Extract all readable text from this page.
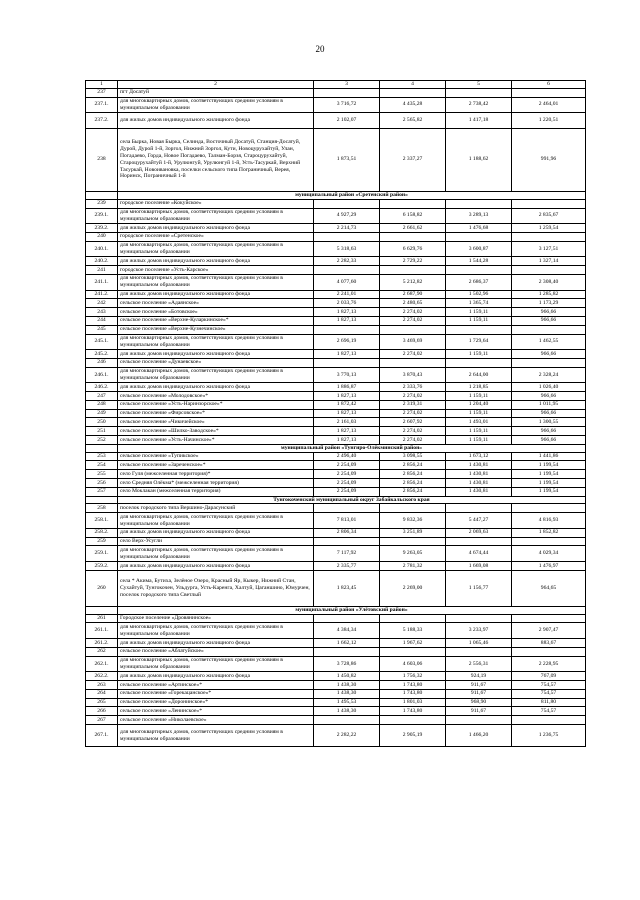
20
1	2	3	4	5	6
237	пгт Досатуй				
237.1.	для многоквартирных домов, соответствующих средним условиям в муниципальном образовании	3 716,72	4 435,28	2 738,42	2 464,01
237.2.	для жилых домов индивидуального жилищного фонда	2 102,07	2 565,82	1 417,18	1 220,51
238	села Бырка, Новая Бырка, Селинда, Восточный Досатуй, Станция-Досатуй, Дурой, Дурой 1-й, Зоргол, Нижний Зоргол, Кути, Новоцурухайтуй, Улан, Погадаево, Горда, Новое Погадаево, Талман-Борзя, Староцурухайтуй, Староцурухайтуй 1-й, Урулюнгуй, Урулюнгуй 1-й, Усть-Тасуркай, Верхний Тасуркай, Новоивановка, поселки сельского типа Пограничный, Верея, Норинск, Пограничный 1-й	1 873,51	2 337,27	1 188,62	991,96
	муниципальный район «Сретенский район»				
239	городское поселение «Кокуйское»				
239.1.	для многоквартирных домов, соответствующих средним условиям в муниципальном образовании	4 927,29	6 158,82	3 289,13	2 835,67
239.2.	для жилых домов индивидуального жилищного фонда	2 214,73	2 661,62	1 476,68	1 259,54
240	городское поселение «Сретенское»				
240.1.	для многоквартирных домов, соответствующих средним условиям в муниципальном образовании	5 318,63	6 629,76	3 600,87	3 127,51
240.2.	для жилых домов индивидуального жилищного фонда	2 282,33	2 729,22	1 544,28	1 327,14
241	городское поселение «Усть-Карское»				
241.1.	для многоквартирных домов, соответствующих средним условиям в муниципальном образовании	4 077,60	5 212,82	2 686,37	2 308,40
241.2.	для жилых домов индивидуального жилищного фонда	2 241,01	2 687,90	1 502,96	1 285,82
242	сельское поселение «Адаянское»	2 033,76	2 480,65	1 365,74	1 173,29
243	сельское поселение «Ботовское»	1 827,13	2 274,02	1 159,11	966,66
244	сельское поселение «Верхне-Куларкинское»*	1 827,13	2 274,02	1 159,11	966,66
245	сельское поселение «Верхне-Кузнечинское»				
245.1.	для многоквартирных домов, соответствующих средним условиям в муниципальном образовании	2 696,19	3 469,69	1 729,64	1 462,55
245.2.	для жилых домов индивидуального жилищного фонда	1 827,13	2 274,02	1 159,11	966,66
246	сельское поселение «Дунаевское»				
246.1.	для многоквартирных домов, соответствующих средним условиям в муниципальном образовании	3 770,13	3 870,43	2 644,00	2 328,24
246.2.	для жилых домов индивидуального жилищного фонда	1 886,87	2 333,76	1 218,85	1 026,40
247	сельское поселение «Молодовское»*	1 827,13	2 274,02	1 159,11	966,66
248	сельское поселение «Усть-Наринзорское»*	1 872,42	2 319,31	1 204,40	1 011,95
249	сельское поселение «Фирсовское»*	1 827,13	2 274,02	1 159,11	966,66
250	сельское поселение «Чикичейское»	2 161,03	2 607,92	1 493,01	1 300,55
251	сельское поселение «Шилко-Заводское»*	1 827,13	2 274,02	1 159,11	966,66
252	сельское поселение «Усть-Начинское»*	1 827,13	2 274,02	1 159,11	966,66
	муниципальный район «Тунгиро-Олёкминский район»				
253	сельское поселение «Тупикское»	2 496,40	3 098,55	1 673,12	1 441,86
254	сельское поселение «Зареченское»*	2 254,09	2 856,24	1 430,81	1 199,54
255	село Гуля (межселенная территория)*	2 254,09	2 856,24	1 430,81	1 199,54
256	село Средняя Олёкма* (межселенная территория)	2 254,09	2 856,24	1 430,81	1 199,54
257	село Моклакан (межселенная территория)	2 254,09	2 856,24	1 430,81	1 199,54
	Тунгокоченский муниципальный округ Забайкальского края				
258	поселок городского типа Вершино-Дарасунский				
258.1.	для многоквартирных домов, соответствующих средним условиям в муниципальном образовании	7 813,01	9 832,36	5 447,27	4 816,93
258.2.	для жилых домов индивидуального жилищного фонда	2 806,34	3 251,89	2 069,63	1 852,82
259	село Верх-Усугли				
259.1.	для многоквартирных домов, соответствующих средним условиям в муниципальном образовании	7 117,92	9 263,05	4 674,44	4 029,34
259.2.	для жилых домов индивидуального жилищного фонда	2 335,77	2 781,32	1 669,08	1 476,97
260	села * Акима, Бутиха, Зелёное Озеро, Красный Яр, Кыкер, Нижний Стан, Сухайтуй, Тунгокочен, Ульдурга, Усть-Каренга, Халтуй, Цаганшино, Юмурчен, поселок городского типа Светлый	1 823,45	2 269,00	1 156,77	964,65
	муниципальный район «Улётовский район»				
261	Городское поселение «Дровянинское»				
261.1.	для многоквартирных домов, соответствующих средним условиям в муниципальном образовании	4 384,34	5 188,33	3 233,97	2 907,47
261.2.	для жилых домов индивидуального жилищного фонда	1 662,12	1 967,62	1 065,46	883,67
262	сельское поселение «Аблатуйское»				
262.1.	для многоквартирных домов, соответствующих средним условиям в муниципальном образовании	3 728,86	4 603,06	2 556,31	2 228,95
262.2.	для жилых домов индивидуального жилищного фонда	1 450,82	1 756,32	924,19	767,09
263	сельское поселение «Артинское»*	1 438,30	1 743,80	911,67	754,57
264	сельское поселение «Горекацанское»*	1 438,30	1 743,80	911,67	754,57
265	сельское поселение «Доронинское»*	1 495,53	1 801,03	968,90	811,80
266	сельское поселение «Ленинское»*	1 438,30	1 743,80	911,67	754,57
267	сельское поселение «Николаевское»				
267.1.	для многоквартирных домов, соответствующих средним условиям в муниципальном образовании	2 282,22	2 905,19	1 466,20	1 236,75
